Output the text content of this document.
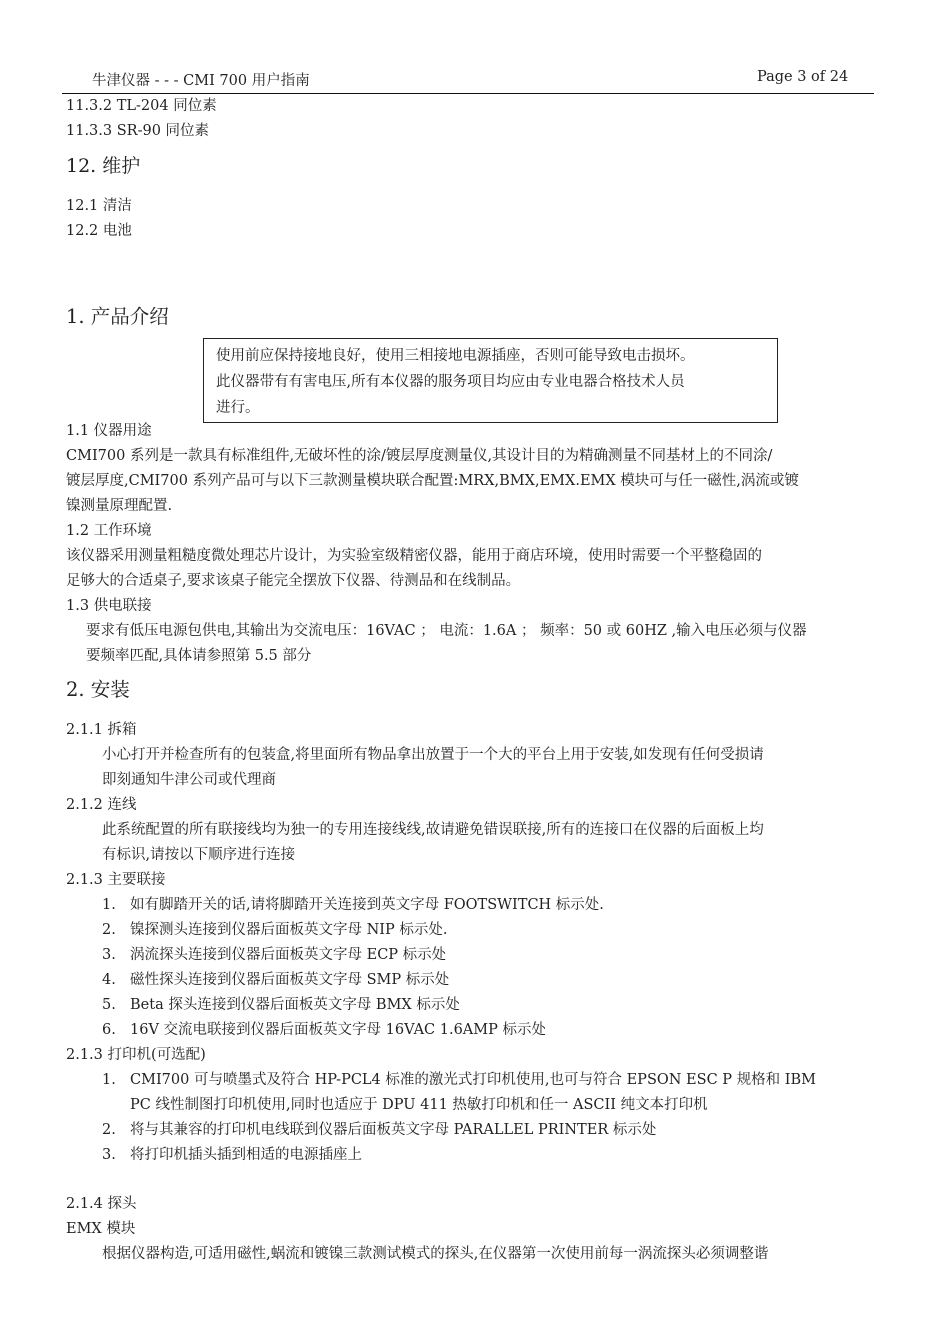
牛津仪器 - - - CMI 700 用户指南	Page 3 of 24
11.3.2 TL-204 同位素
11.3.3 SR-90 同位素
12. 维护
12.1 清洁
12.2 电池
1. 产品介绍
使用前应保持接地良好，使用三相接地电源插座，否则可能导致电击损坏。
此仪器带有有害电压,所有本仪器的服务项目均应由专业电器合格技术人员
进行。
1.1 仪器用途
CMI700 系列是一款具有标准组件,无破坏性的涂/镀层厚度测量仪,其设计目的为精确测量不同基材上的不同涂/
镀层厚度,CMI700 系列产品可与以下三款测量模块联合配置:MRX,BMX,EMX.EMX 模块可与任一磁性,涡流或镀
镍测量原理配置.
1.2 工作环境
该仪器采用测量粗糙度微处理芯片设计，为实验室级精密仪器，能用于商店环境，使用时需要一个平整稳固的
足够大的合适桌子,要求该桌子能完全摆放下仪器、待测品和在线制品。
1.3 供电联接
要求有低压电源包供电,其输出为交流电压：16VAC ； 电流：1.6A ； 频率：50 或 60HZ ,输入电压必须与仪器
要频率匹配,具体请参照第 5.5 部分
2. 安装
2.1.1 拆箱
小心打开并检查所有的包装盒,将里面所有物品拿出放置于一个大的平台上用于安装,如发现有任何受损请
即刻通知牛津公司或代理商
2.1.2 连线
此系统配置的所有联接线均为独一的专用连接线线,故请避免错误联接,所有的连接口在仪器的后面板上均
有标识,请按以下顺序进行连接
2.1.3 主要联接
1. 如有脚踏开关的话,请将脚踏开关连接到英文字母 FOOTSWITCH 标示处.
2. 镍探测头连接到仪器后面板英文字母 NIP 标示处.
3. 涡流探头连接到仪器后面板英文字母 ECP 标示处
4. 磁性探头连接到仪器后面板英文字母 SMP 标示处
5. Beta 探头连接到仪器后面板英文字母 BMX 标示处
6. 16V 交流电联接到仪器后面板英文字母 16VAC 1.6AMP 标示处
2.1.3 打印机(可选配)
1. CMI700 可与喷墨式及符合 HP-PCL4 标准的激光式打印机使用,也可与符合 EPSON ESC P 规格和 IBM
PC 线性制图打印机使用,同时也适应于 DPU 411 热敏打印机和任一 ASCII 纯文本打印机
2. 将与其兼容的打印机电线联到仪器后面板英文字母 PARALLEL PRINTER 标示处
3. 将打印机插头插到相适的电源插座上
2.1.4 探头
EMX 模块
根据仪器构造,可适用磁性,蜗流和镀镍三款测试模式的探头,在仪器第一次使用前每一涡流探头必须调整谐
